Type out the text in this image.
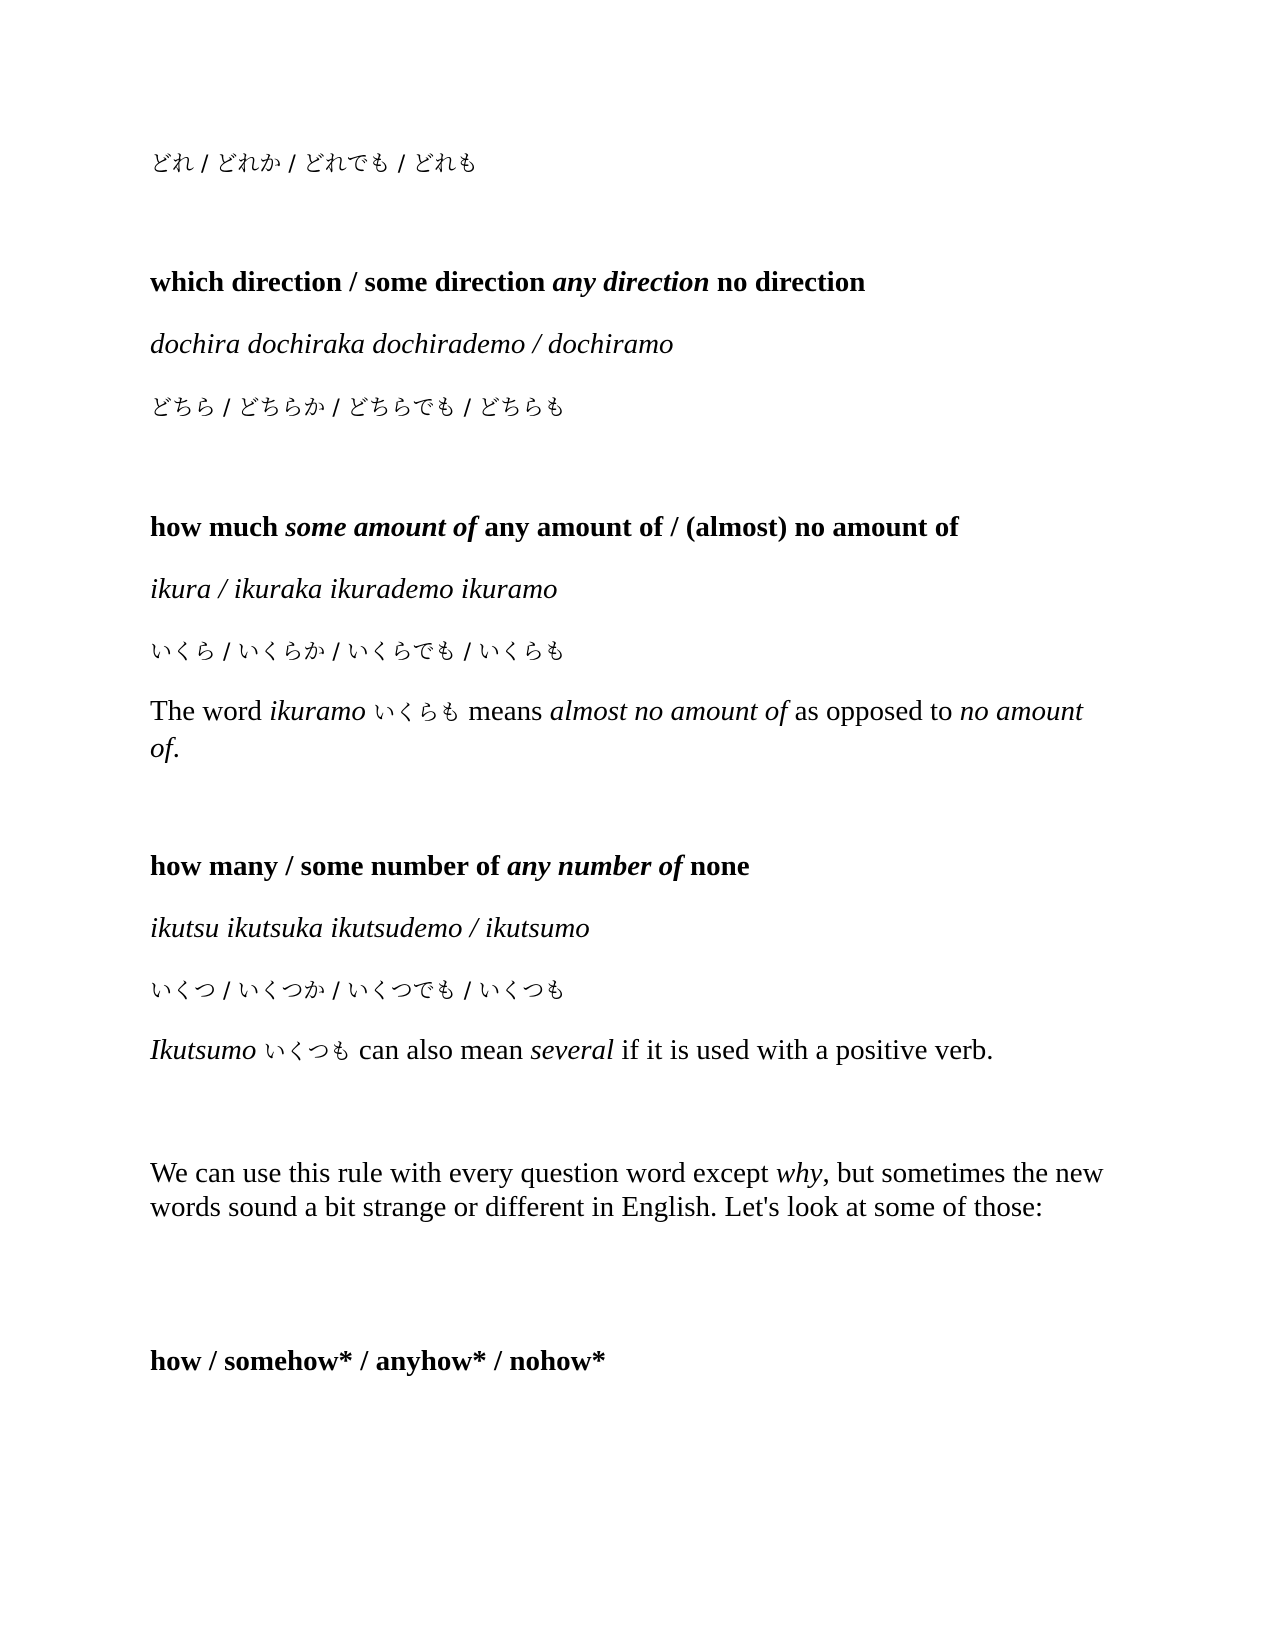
どれ / どれか / どれでも / どれも
which direction / some direction any direction no direction
dochira dochiraka dochirademo / dochiramo
どちら / どちらか / どちらでも / どちらも
how much some amount of any amount of / (almost) no amount of
ikura / ikuraka ikurademo ikuramo
いくら / いくらか / いくらでも / いくらも
The word ikuramo いくらも means almost no amount of as opposed to no amount of.
how many / some number of any number of none
ikutsu ikutsuka ikutsudemo / ikutsumo
いくつ / いくつか / いくつでも / いくつも
Ikutsumo いくつも can also mean several if it is used with a positive verb.
We can use this rule with every question word except why, but sometimes the new words sound a bit strange or different in English. Let's look at some of those:
how / somehow* / anyhow* / nohow*
